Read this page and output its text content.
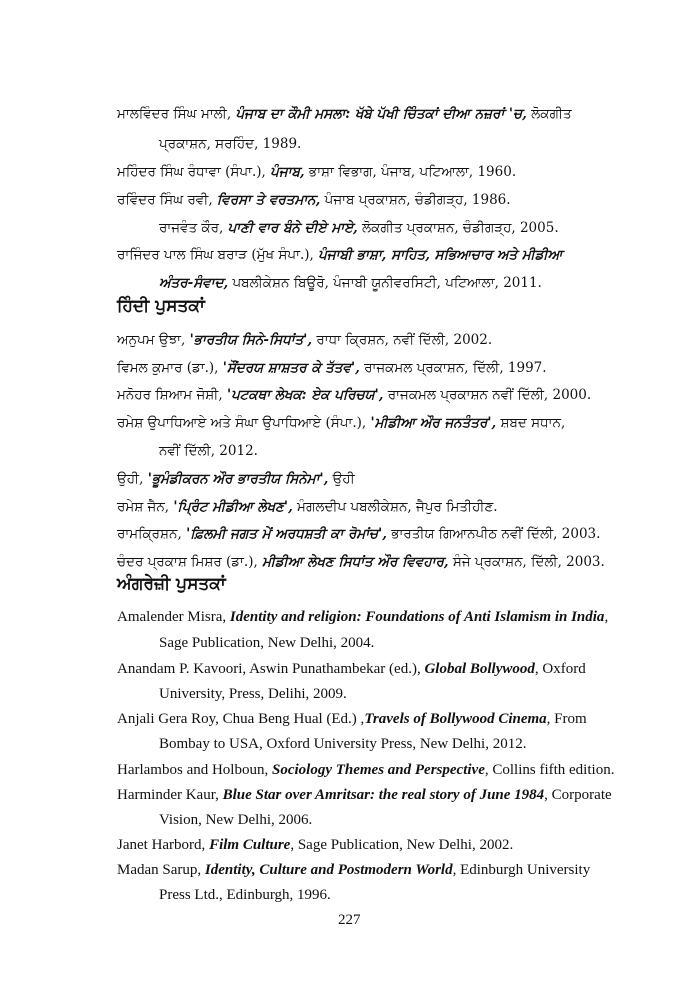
ਮਾਲਵਿੰਦਰ ਸਿੰਘ ਮਾਲੀ, ਪੰਜਾਬ ਦਾ ਕੌਮੀ ਮਸਲਾ: ਖੱਬੇ ਪੱਖੀ ਚਿੰਤਕਾਂ ਦੀਆ ਨਜ਼ਰਾਂ 'ਚ, ਲੋਕਗੀਤ
ਪ੍ਰਕਾਸ਼ਨ, ਸਰਹਿੰਦ, 1989.
ਮਹਿੰਦਰ ਸਿੰਘ ਰੰਧਾਵਾ (ਸੰਪਾ.), ਪੰਜਾਬ, ਭਾਸ਼ਾ ਵਿਭਾਗ, ਪੰਜਾਬ, ਪਟਿਆਲਾ, 1960.
ਰਵਿੰਦਰ ਸਿੰਘ ਰਵੀ, ਵਿਰਸਾ ਤੇ ਵਰਤਮਾਨ, ਪੰਜਾਬ ਪ੍ਰਕਾਸ਼ਨ, ਚੰਡੀਗੜ੍ਹ, 1986.
ਰਾਜਵੰਤ ਕੌਰ, ਪਾਣੀ ਵਾਰ ਬੰਨੇ ਦੀਏ ਮਾਏ, ਲੋਕਗੀਤ ਪ੍ਰਕਾਸ਼ਨ, ਚੰਡੀਗੜ੍ਹ, 2005.
ਰਾਜਿੰਦਰ ਪਾਲ ਸਿੰਘ ਬਰਾੜ (ਮੁੱਖ ਸੰਪਾ.), ਪੰਜਾਬੀ ਭਾਸ਼ਾ, ਸਾਹਿਤ, ਸਭਿਆਚਾਰ ਅਤੇ ਮੀਡੀਆ
ਅੰਤਰ-ਸੰਵਾਦ, ਪਬਲੀਕੇਸ਼ਨ ਬਿਊਰੋ, ਪੰਜਾਬੀ ਯੂਨੀਵਰਸਿਟੀ, ਪਟਿਆਲਾ, 2011.
ਹਿੰਦੀ ਪੁਸਤਕਾਂ
ਅਨੁਪਮ ਉਝਾ, 'ਭਾਰਤੀਯ ਸਿਨੇ-ਸਿਧਾਂਤ', ਰਾਧਾ ਕ੍ਰਿਸ਼ਨ, ਨਵੀਂ ਦਿੱਲੀ, 2002.
ਵਿਮਲ ਕੁਮਾਰ (ਡਾ.), 'ਸੌਂਦਰਯ ਸ਼ਾਸ਼ਤਰ ਕੇ ਤੱਤਵ', ਰਾਜਕਮਲ ਪ੍ਰਕਾਸ਼ਨ, ਦਿੱਲੀ, 1997.
ਮਨੋਹਰ ਸ਼ਿਆਮ ਜੋਸ਼ੀ, 'ਪਟਕਥਾ ਲੇਖਕ: ਏਕ ਪਰਿਚਯ', ਰਾਜਕਮਲ ਪ੍ਰਕਾਸ਼ਨ ਨਵੀਂ ਦਿੱਲੀ, 2000.
ਰਮੇਸ਼ ਉਪਾਧਿਆਏ ਅਤੇ ਸੰਘਾ ਉਪਾਧਿਆਏ (ਸੰਪਾ.), 'ਮੀਡੀਆ ਔਰ ਜਨਤੰਤਰ', ਸ਼ਬਦ ਸਧਾਨ,
ਨਵੀਂ ਦਿੱਲੀ, 2012.
ਉਹੀ, 'ਭੂਮੰਡੀਕਰਨ ਔਰ ਭਾਰਤੀਯ ਸਿਨੇਮਾ', ਉਹੀ
ਰਮੇਸ਼ ਜੈਨ, 'ਪ੍ਰਿੰਟ ਮੀਡੀਆ ਲੇਖਣ', ਮੰਗਲਦੀਪ ਪਬਲੀਕੇਸ਼ਨ, ਜੈਪੁਰ ਮਿਤੀਹੀਣ.
ਰਾਮਕ੍ਰਿਸ਼ਨ, 'ਫ਼ਿਲਮੀ ਜਗਤ ਮੇਂ ਅਰਧਸ਼ਤੀ ਕਾ ਰੋਮਾਂਚ', ਭਾਰਤੀਯ ਗਿਆਨਪੀਠ ਨਵੀਂ ਦਿੱਲੀ, 2003.
ਚੰਦਰ ਪ੍ਰਕਾਸ਼ ਮਿਸ਼ਰ (ਡਾ.), ਮੀਡੀਆ ਲੇਖਣ ਸਿਧਾਂਤ ਔਰ ਵਿਵਹਾਰ, ਸੰਜੇ ਪ੍ਰਕਾਸ਼ਨ, ਦਿੱਲੀ, 2003.
ਅੰਗਰੇਜ਼ੀ ਪੁਸਤਕਾਂ
Amalender Misra, Identity and religion: Foundations of Anti Islamism in India,
Sage Publication, New Delhi, 2004.
Anandam P. Kavoori, Aswin Punathambekar (ed.), Global Bollywood, Oxford
University, Press, Delihi, 2009.
Anjali Gera Roy, Chua Beng Hual (Ed.) ,Travels of Bollywood Cinema, From
Bombay to USA, Oxford University Press, New Delhi, 2012.
Harlambos and Holboun, Sociology Themes and Perspective, Collins fifth edition.
Harminder Kaur, Blue Star over Amritsar: the real story of June 1984, Corporate
Vision, New Delhi, 2006.
Janet Harbord, Film Culture, Sage Publication, New Delhi, 2002.
Madan Sarup, Identity, Culture and Postmodern World, Edinburgh University
Press Ltd., Edinburgh, 1996.
227
